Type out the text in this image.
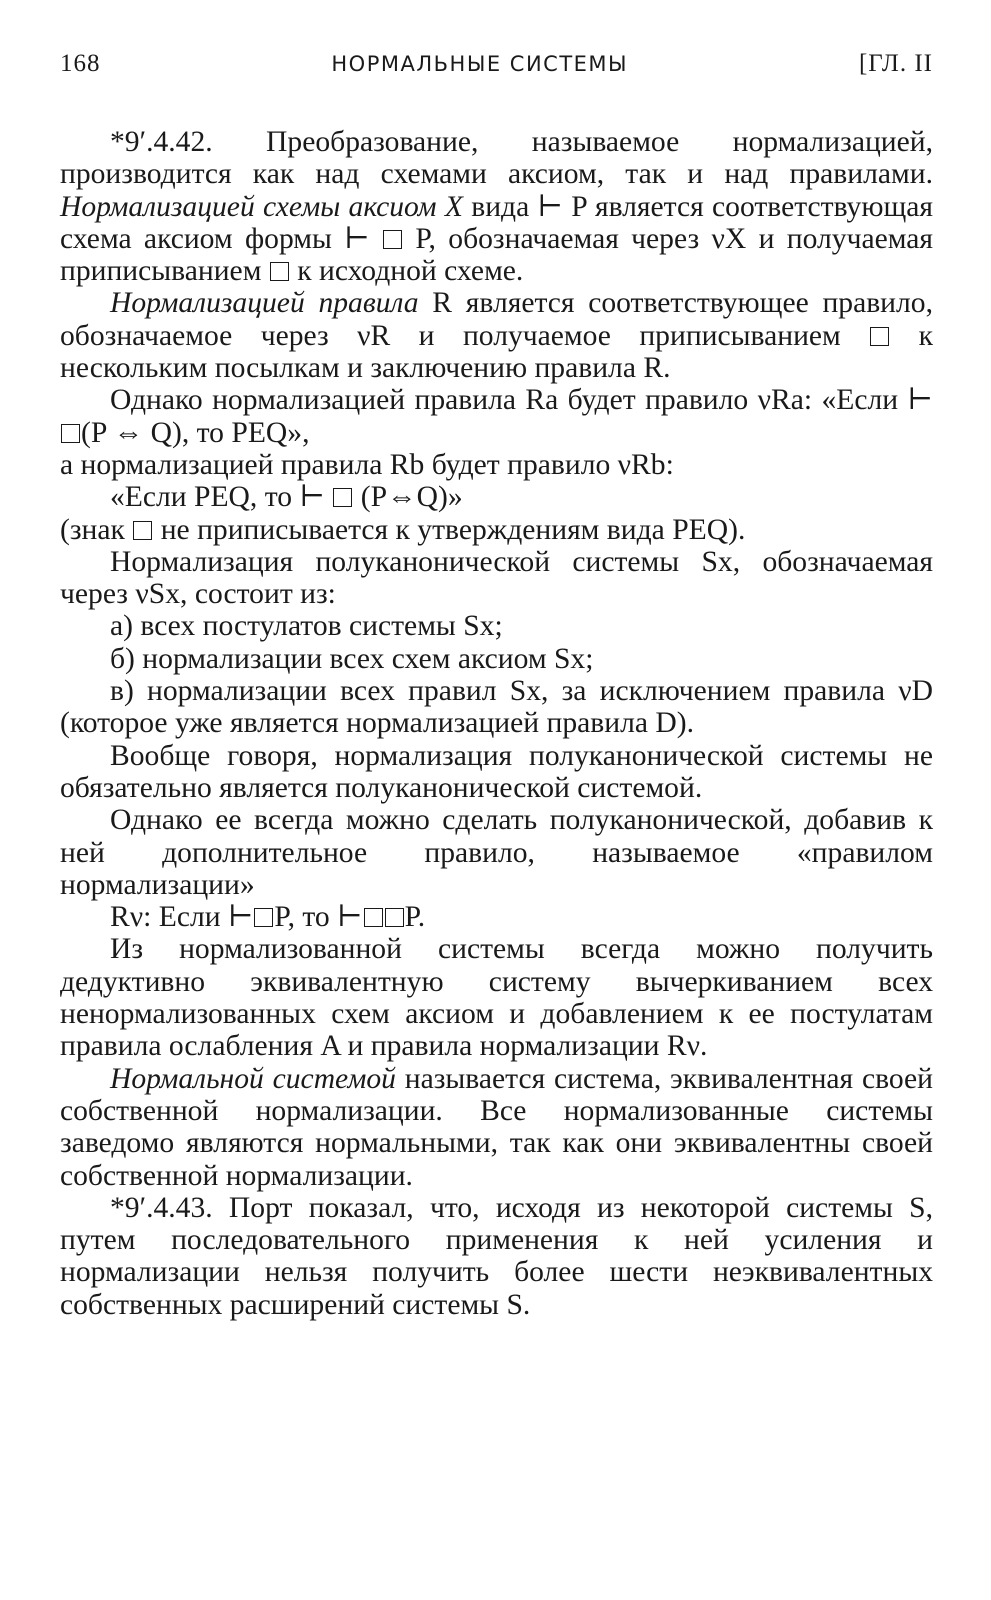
168	НОРМАЛЬНЫЕ СИСТЕМЫ	[ГЛ. II

*9′.4.42. Преобразование, называемое нормализацией, производится как над схемами аксиом, так и над правилами. Нормализацией схемы аксиом X вида ⊢ P является соответствующая схема аксиом формы ⊢  P, обозначаемая через νX и получаемая приписыванием  к исходной схеме.

Нормализацией правила R является соответствующее правило, обозначаемое через νR и получаемое приписыванием  к нескольким посылкам и заключению правила R.

Однако нормализацией правила Ra будет правило νRa: «Если ⊢(P ⇔ Q), то PEQ»,

а нормализацией правила Rb будет правило νRb:
«Если PEQ, то ⊢  (P⇔Q)»
(знак  не приписывается к утверждениям вида PEQ).

Нормализация полуканонической системы Sx, обозначаемая через νSx, состоит из:

а) всех постулатов системы Sx;

б) нормализации всех схем аксиом Sx;

в) нормализации всех правил Sx, за исключением правила νD (которое уже является нормализацией правила D).

Вообще говоря, нормализация полуканонической системы не обязательно является полуканонической системой.

Однако ее всегда можно сделать полуканонической, добавив к ней дополнительное правило, называемое «правилом нормализации»

Rν: Если ⊢ P, то ⊢ P.

Из нормализованной системы всегда можно получить дедуктивно эквивалентную систему вычеркиванием всех ненормализованных схем аксиом и добавлением к ее постулатам правила ослабления A и правила нормализации Rν.

Нормальной системой называется система, эквивалентная своей собственной нормализации. Все нормализованные системы заведомо являются нормальными, так как они эквивалентны своей собственной нормализации.

*9′.4.43. Порт показал, что, исходя из некоторой системы S, путем последовательного применения к ней усиления и нормализации нельзя получить более шести неэквивалентных собственных расширений системы S.
